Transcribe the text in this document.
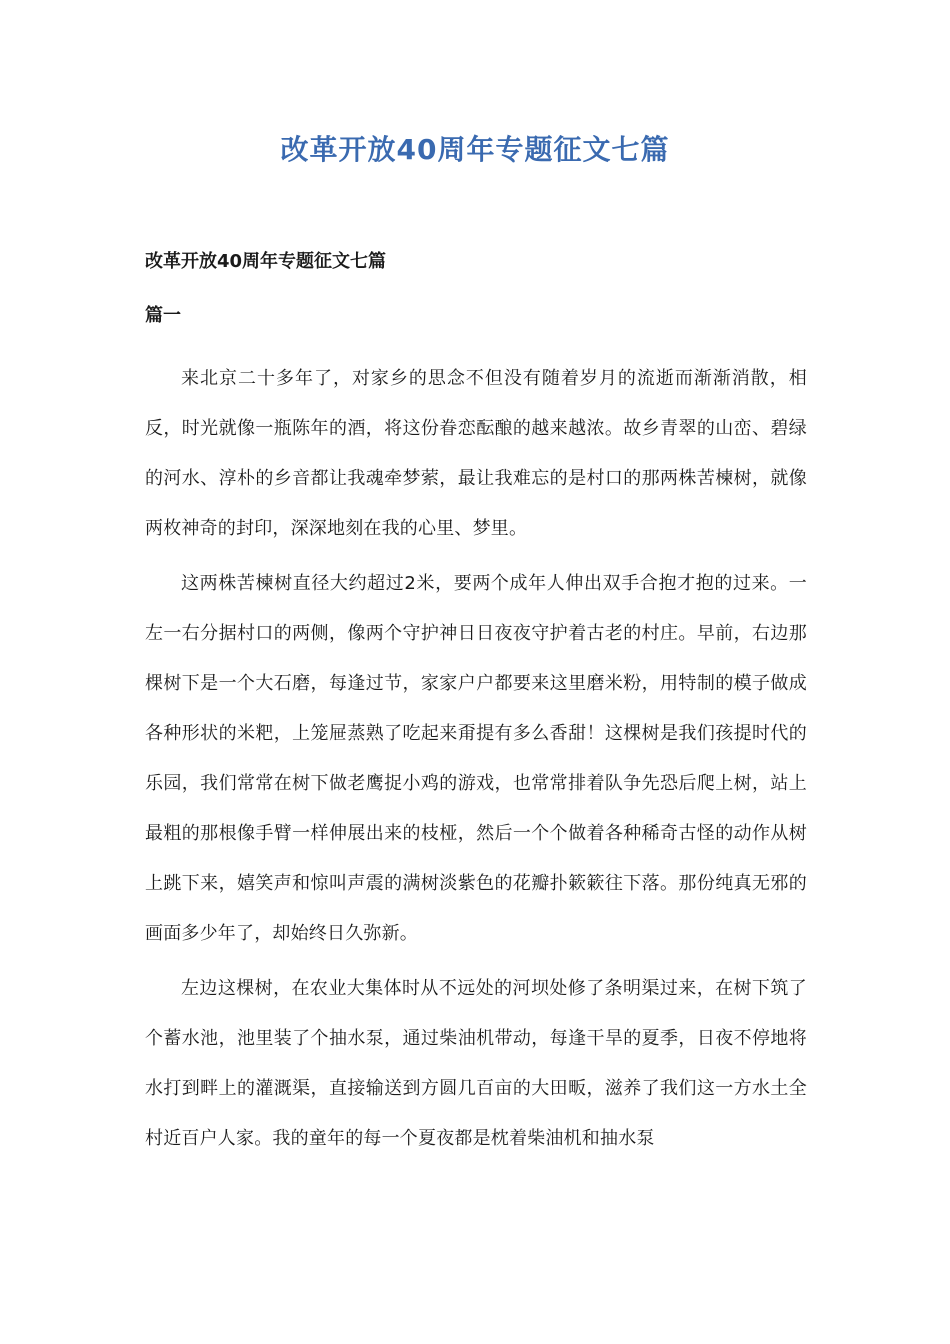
改革开放40周年专题征文七篇

改革开放40周年专题征文七篇

篇一

来北京二十多年了，对家乡的思念不但没有随着岁月的流逝而渐渐消散，相反，时光就像一瓶陈年的酒，将这份眷恋酝酿的越来越浓。故乡青翠的山峦、碧绿的河水、淳朴的乡音都让我魂牵梦萦，最让我难忘的是村口的那两株苦楝树，就像两枚神奇的封印，深深地刻在我的心里、梦里。

这两株苦楝树直径大约超过2米，要两个成年人伸出双手合抱才抱的过来。一左一右分据村口的两侧，像两个守护神日日夜夜守护着古老的村庄。早前，右边那棵树下是一个大石磨，每逢过节，家家户户都要来这里磨米粉，用特制的模子做成各种形状的米粑，上笼屉蒸熟了吃起来甭提有多么香甜！这棵树是我们孩提时代的乐园，我们常常在树下做老鹰捉小鸡的游戏，也常常排着队争先恐后爬上树，站上最粗的那根像手臂一样伸展出来的枝桠，然后一个个做着各种稀奇古怪的动作从树上跳下来，嬉笑声和惊叫声震的满树淡紫色的花瓣扑簌簌往下落。那份纯真无邪的画面多少年了，却始终日久弥新。

左边这棵树，在农业大集体时从不远处的河坝处修了条明渠过来，在树下筑了个蓄水池，池里装了个抽水泵，通过柴油机带动，每逢干旱的夏季，日夜不停地将水打到畔上的灌溉渠，直接输送到方圆几百亩的大田畈，滋养了我们这一方水土全村近百户人家。我的童年的每一个夏夜都是枕着柴油机和抽水泵
